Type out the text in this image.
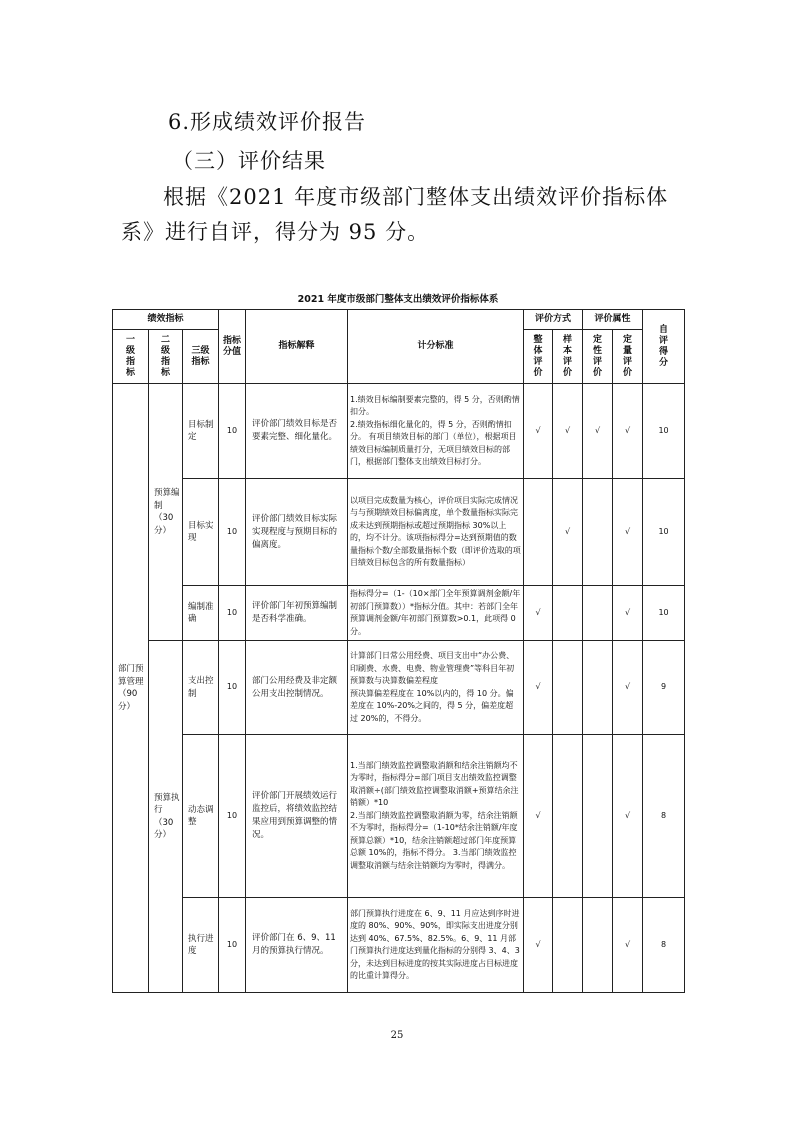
6.形成绩效评价报告
（三）评价结果
根据《2021 年度市级部门整体支出绩效评价指标体系》进行自评，得分为 95 分。
2021 年度市级部门整体支出绩效评价指标体系
绩效指标			指标分值	指标解释	计分标准	评价方式		评价属性		自评得分
一级指标	二级指标	三级指标				整体评价	样本评价	定性评价	定量评价	
部门预算管理（90分）	预算编制（30分）	目标制定	10	评价部门绩效目标是否要素完整、细化量化。	1.绩效目标编制要素完整的，得 5 分，否则酌情扣分。
2.绩效指标细化量化的，得 5 分，否则酌情扣分。 有项目绩效目标的部门（单位），根据项目绩效目标编制质量打分，无项目绩效目标的部门，根据部门整体支出绩效目标打分。	√	√	√	√	10
		目标实现	10	评价部门绩效目标实际实现程度与预期目标的偏离度。	以项目完成数量为核心，评价项目实际完成情况与与预期绩效目标偏离度，单个数量指标实际完成未达到预期指标或超过预期指标 30%以上的，均不计分。该项指标得分=达到预期值的数量指标个数/全部数量指标个数（即评价选取的项目绩效目标包含的所有数量指标）		√		√	10
		编制准确	10	评价部门年初预算编制是否科学准确。	指标得分=（1-（10×部门全年预算调剂金额/年初部门预算数））*指标分值。其中：若部门全年预算调剂金额/年初部门预算数>0.1，此项得 0 分。	√			√	10
	预算执行（30分）	支出控制	10	部门公用经费及非定额公用支出控制情况。	计算部门日常公用经费、项目支出中“办公费、印刷费、水费、电费、物业管理费”等科目年初预算数与决算数偏差程度
预决算偏差程度在 10%以内的，得 10 分。偏差度在 10%-20%之间的，得 5 分，偏差度超过 20%的，不得分。	√			√	9
		动态调整	10	评价部门开展绩效运行监控后，将绩效监控结果应用到预算调整的情况。	1.当部门绩效监控调整取消额和结余注销额均不为零时，指标得分=部门项目支出绩效监控调整取消额÷(部门绩效监控调整取消额+预算结余注销额）*10
2.当部门绩效监控调整取消额为零，结余注销额不为零时，指标得分=（1-10*结余注销额/年度预算总额）*10，结余注销额超过部门年度预算总额 10%的，指标不得分。 3.当部门绩效监控调整取消额与结余注销额均为零时，得满分。	√			√	8
		执行进度	10	评价部门在 6、9、11 月的预算执行情况。	部门预算执行进度在 6、9、11 月应达到序时进度的 80%、90%、90%，即实际支出进度分别达到 40%、67.5%、82.5%。6、9、11 月部门预算执行进度达到量化指标的分别得 3、4、3 分，未达到目标进度的按其实际进度占目标进度的比重计算得分。	√			√	8
25
